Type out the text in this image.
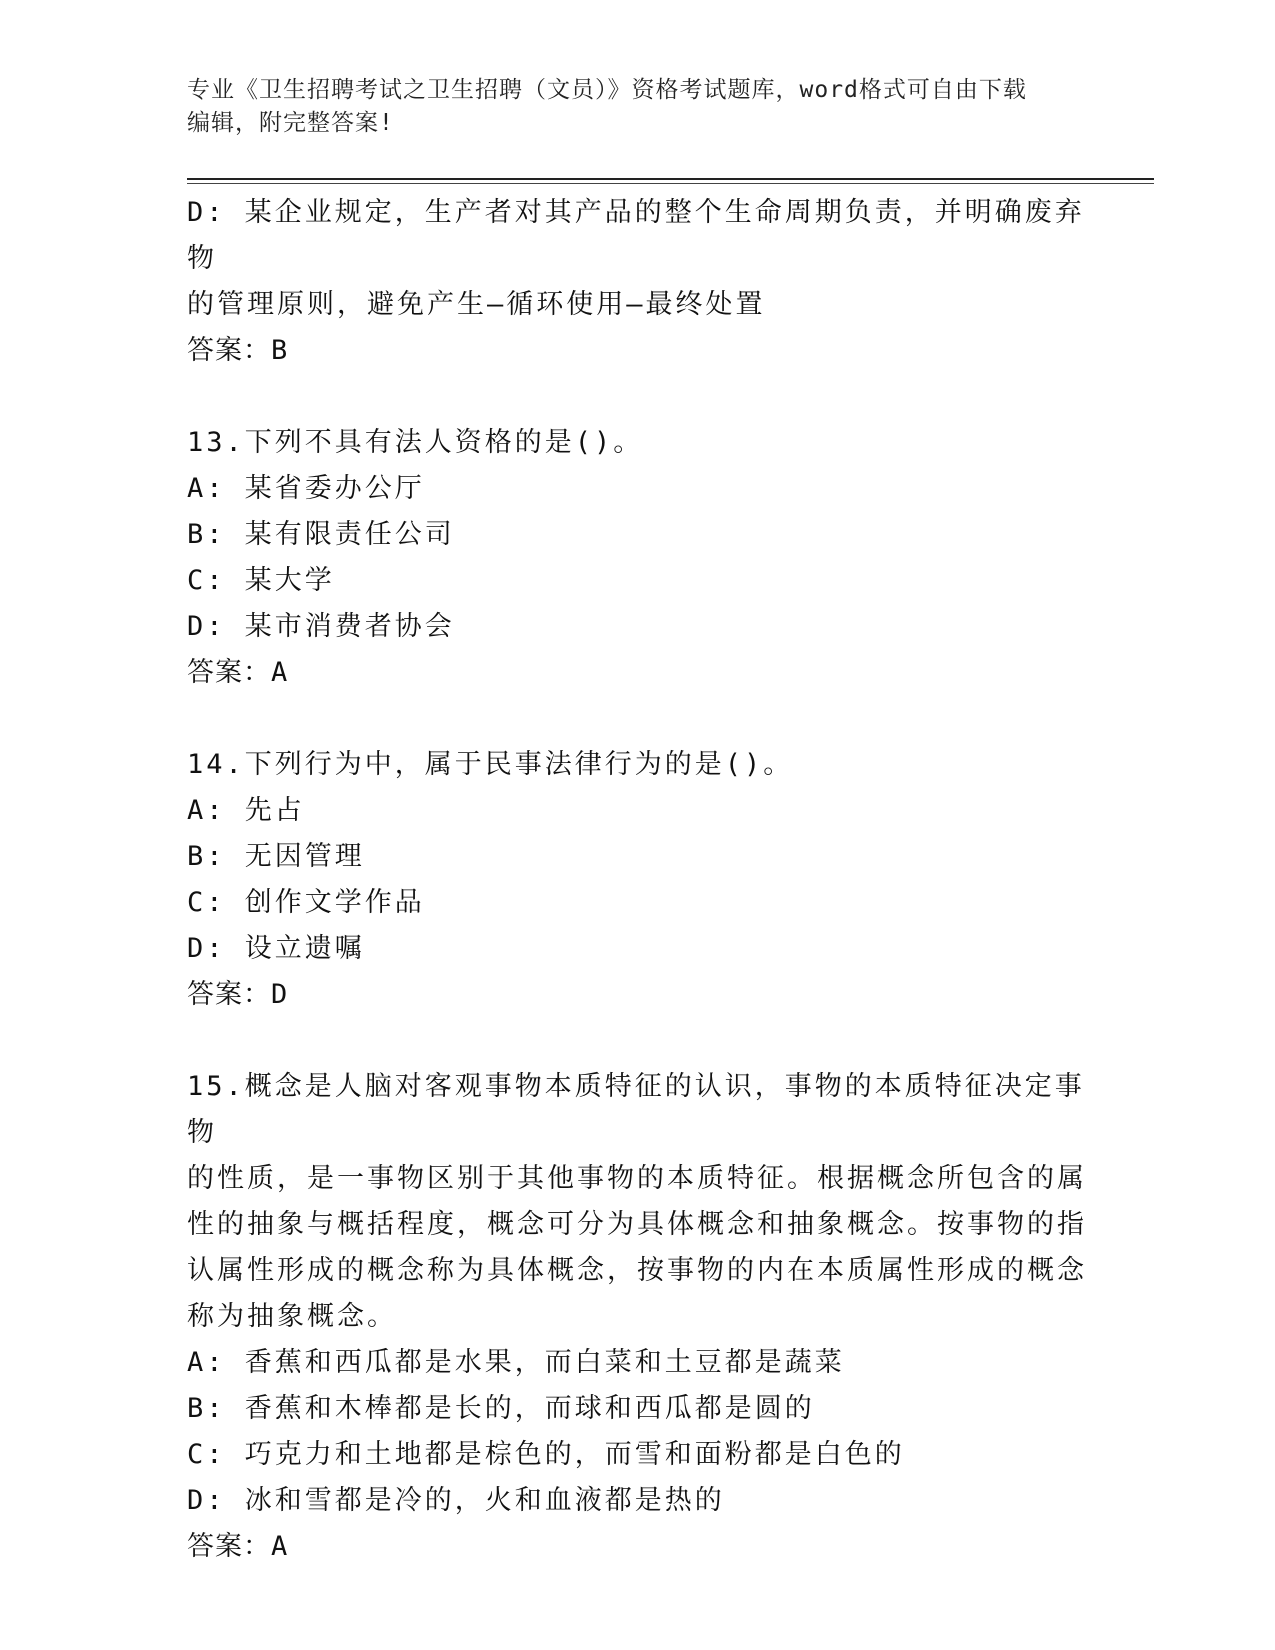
专业《卫生招聘考试之卫生招聘（文员）》资格考试题库，word格式可自由下载
编辑，附完整答案!
D: 某企业规定，生产者对其产品的整个生命周期负责，并明确废弃物
的管理原则，避免产生—循环使用—最终处置
答案：B
13.下列不具有法人资格的是()。
A: 某省委办公厅
B: 某有限责任公司
C: 某大学
D: 某市消费者协会
答案：A
14.下列行为中，属于民事法律行为的是()。
A: 先占
B: 无因管理
C: 创作文学作品
D: 设立遗嘱
答案：D
15.概念是人脑对客观事物本质特征的认识，事物的本质特征决定事物
的性质，是一事物区别于其他事物的本质特征。根据概念所包含的属
性的抽象与概括程度，概念可分为具体概念和抽象概念。按事物的指
认属性形成的概念称为具体概念，按事物的内在本质属性形成的概念
称为抽象概念。
A: 香蕉和西瓜都是水果，而白菜和土豆都是蔬菜
B: 香蕉和木棒都是长的，而球和西瓜都是圆的
C: 巧克力和土地都是棕色的，而雪和面粉都是白色的
D: 冰和雪都是冷的，火和血液都是热的
答案：A
